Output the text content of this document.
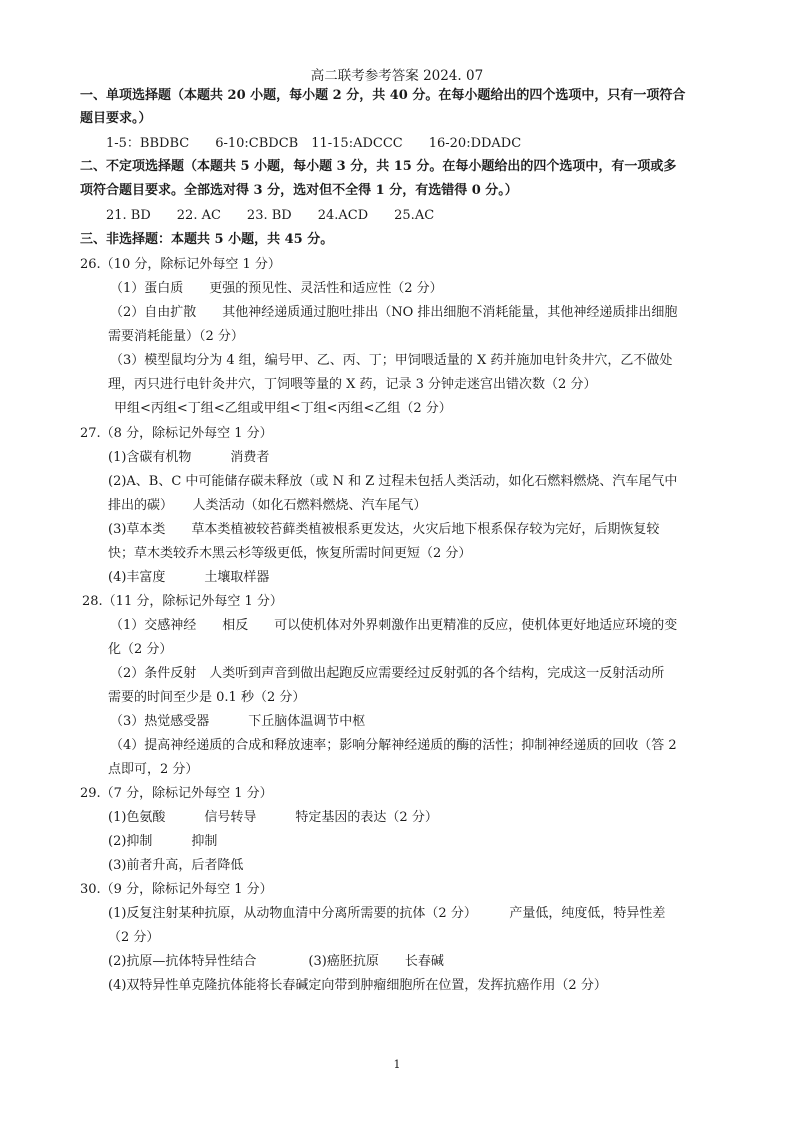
高二联考参考答案 2024. 07
一、单项选择题（本题共 20 小题，每小题 2 分，共 40 分。在每小题给出的四个选项中，只有一项符合
题目要求。）
1-5：BBDBC　　6-10:CBDCB　11-15:ADCCC　　16-20:DDADC
二、不定项选择题（本题共 5 小题，每小题 3 分，共 15 分。在每小题给出的四个选项中，有一项或多
项符合题目要求。全部选对得 3 分，选对但不全得 1 分，有选错得 0 分。）
21. BD　　22. AC　　23. BD　　24.ACD　　25.AC
三、非选择题：本题共 5 小题，共 45 分。
26.（10 分，除标记外每空 1 分）
（1）蛋白质　　更强的预见性、灵活性和适应性（2 分）
（2）自由扩散　　其他神经递质通过胞吐排出（NO 排出细胞不消耗能量，其他神经递质排出细胞
需要消耗能量）（2 分）
（3）模型鼠均分为 4 组，编号甲、乙、丙、丁；甲饲喂适量的 X 药并施加电针灸井穴，乙不做处
理，丙只进行电针灸井穴，丁饲喂等量的 X 药，记录 3 分钟走迷宫出错次数（2 分）
甲组<丙组<丁组<乙组或甲组<丁组<丙组<乙组（2 分）
27.（8 分，除标记外每空 1 分）
(1)含碳有机物　　　消费者
(2)A、B、C 中可能储存碳未释放（或 N 和 Z 过程未包括人类活动，如化石燃料燃烧、汽车尾气中
排出的碳）　　人类活动（如化石燃料燃烧、汽车尾气）
(3)草本类　　草本类植被较苔藓类植被根系更发达，火灾后地下根系保存较为完好，后期恢复较
快；草木类较乔木黑云杉等级更低，恢复所需时间更短（2 分）
(4)丰富度　　　土壤取样器
28.（11 分，除标记外每空 1 分）
（1）交感神经　　相反　　可以使机体对外界刺激作出更精准的反应，使机体更好地适应环境的变
化（2 分）
（2）条件反射　人类听到声音到做出起跑反应需要经过反射弧的各个结构，完成这一反射活动所
需要的时间至少是 0.1 秒（2 分）
（3）热觉感受器　　　下丘脑体温调节中枢
（4）提高神经递质的合成和释放速率；影响分解神经递质的酶的活性；抑制神经递质的回收（答 2
点即可，2 分）
29.（7 分，除标记外每空 1 分）
(1)色氨酸　　　信号转导　　　特定基因的表达（2 分）
(2)抑制　　　抑制
(3)前者升高，后者降低
30.（9 分，除标记外每空 1 分）
(1)反复注射某种抗原，从动物血清中分离所需要的抗体（2 分）　　　产量低，纯度低，特异性差
（2 分）
(2)抗原—抗体特异性结合　　　　(3)癌胚抗原　　长春碱
(4)双特异性单克隆抗体能将长春碱定向带到肿瘤细胞所在位置，发挥抗癌作用（2 分）
1
